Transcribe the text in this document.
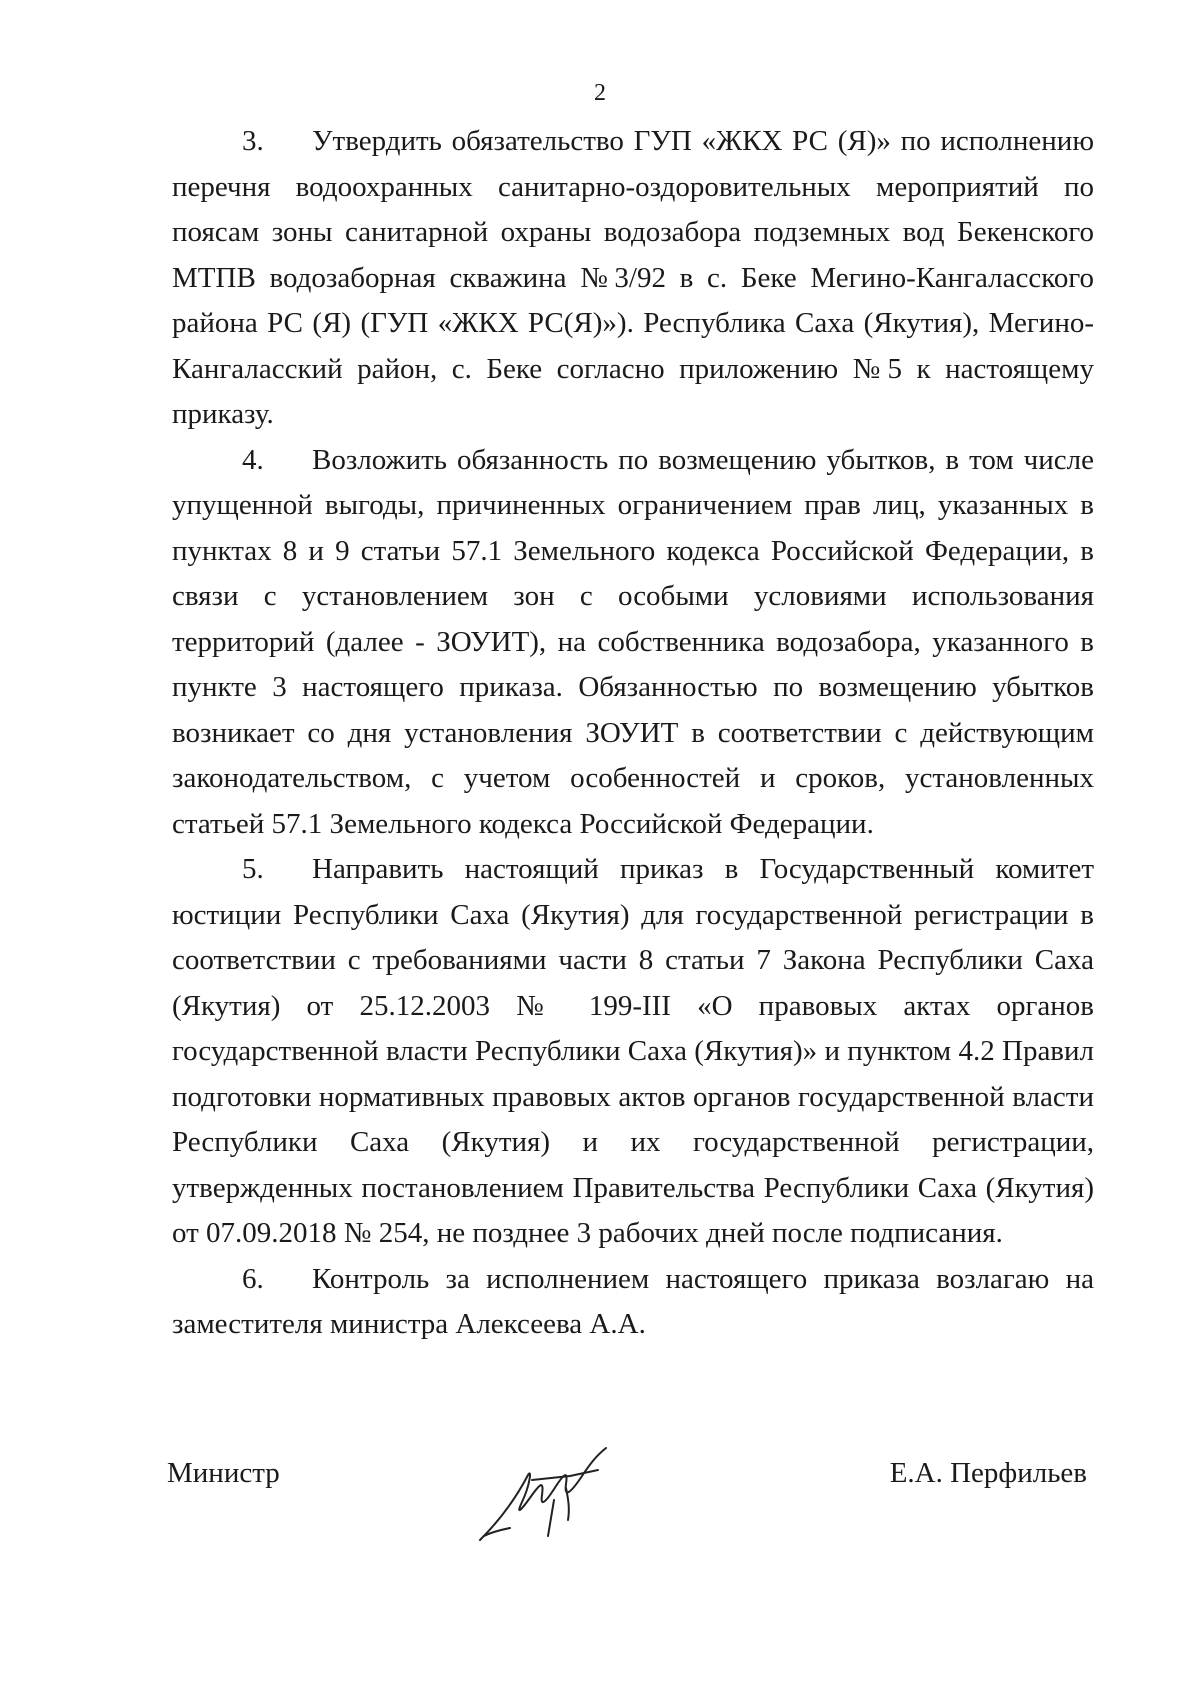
2

3. Утвердить обязательство ГУП «ЖКХ РС (Я)» по исполнению перечня водоохранных санитарно-оздоровительных мероприятий по поясам зоны санитарной охраны водозабора подземных вод Бекенского МТПВ водозаборная скважина №3/92 в с. Беке Мегино-Кангаласского района РС (Я) (ГУП «ЖКХ РС(Я)»). Республика Саха (Якутия), Мегино-Кангаласский район, с. Беке согласно приложению №5 к настоящему приказу.

4. Возложить обязанность по возмещению убытков, в том числе упущенной выгоды, причиненных ограничением прав лиц, указанных в пунктах 8 и 9 статьи 57.1 Земельного кодекса Российской Федерации, в связи с установлением зон с особыми условиями использования территорий (далее - ЗОУИТ), на собственника водозабора, указанного в пункте 3 настоящего приказа. Обязанностью по возмещению убытков возникает со дня установления ЗОУИТ в соответствии с действующим законодательством, с учетом особенностей и сроков, установленных статьей 57.1 Земельного кодекса Российской Федерации.

5. Направить настоящий приказ в Государственный комитет юстиции Республики Саха (Якутия) для государственной регистрации в соответствии с требованиями части 8 статьи 7 Закона Республики Саха (Якутия) от 25.12.2003 № 199-III «О правовых актах органов государственной власти Республики Саха (Якутия)» и пунктом 4.2 Правил подготовки нормативных правовых актов органов государственной власти Республики Саха (Якутия) и их государственной регистрации, утвержденных постановлением Правительства Республики Саха (Якутия) от 07.09.2018 № 254, не позднее 3 рабочих дней после подписания.

6. Контроль за исполнением настоящего приказа возлагаю на заместителя министра Алексеева А.А.

Министр	Е.А. Перфильев
